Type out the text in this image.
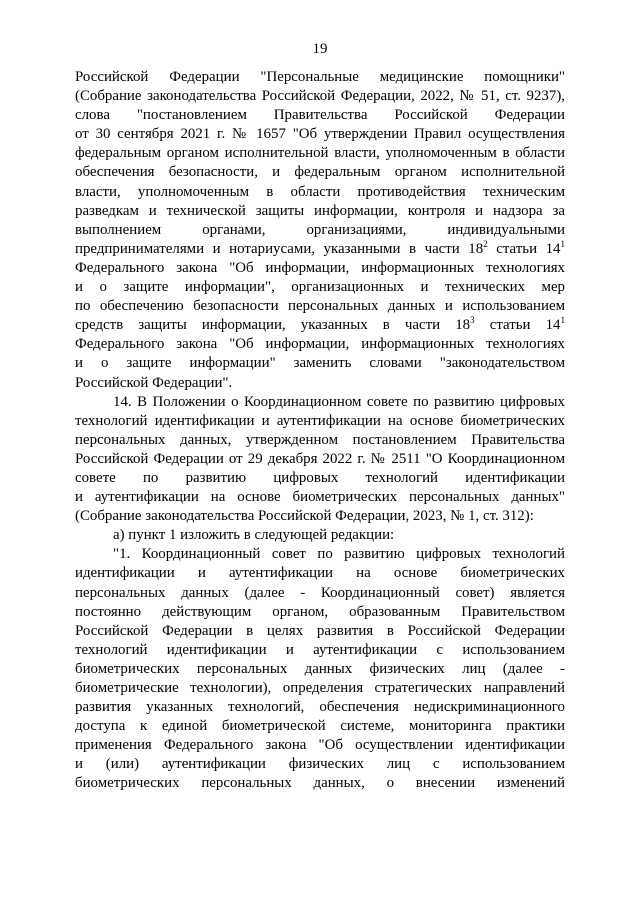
19
Российской Федерации "Персональные медицинские помощники"
(Собрание законодательства Российской Федерации, 2022, № 51, ст. 9237),
слова "постановлением Правительства Российской Федерации
от 30 сентября 2021 г. № 1657 "Об утверждении Правил осуществления
федеральным органом исполнительной власти, уполномоченным в области
обеспечения безопасности, и федеральным органом исполнительной
власти, уполномоченным в области противодействия техническим
разведкам и технической защиты информации, контроля и надзора за
выполнением органами, организациями, индивидуальными
предпринимателями и нотариусами, указанными в части $18^2$ статьи $14^1$
Федерального закона "Об информации, информационных технологиях
и о защите информации", организационных и технических мер
по обеспечению безопасности персональных данных и использованием
средств защиты информации, указанных в части $18^3$ статьи $14^1$
Федерального закона "Об информации, информационных технологиях
и о защите информации" заменить словами "законодательством
Российской Федерации".
14. В Положении о Координационном совете по развитию цифровых
технологий идентификации и аутентификации на основе биометрических
персональных данных, утвержденном постановлением Правительства
Российской Федерации от 29 декабря 2022 г. № 2511 "О Координационном
совете по развитию цифровых технологий идентификации
и аутентификации на основе биометрических персональных данных"
(Собрание законодательства Российской Федерации, 2023, № 1, ст. 312):
а) пункт 1 изложить в следующей редакции:
"1. Координационный совет по развитию цифровых технологий
идентификации и аутентификации на основе биометрических
персональных данных (далее - Координационный совет) является
постоянно действующим органом, образованным Правительством
Российской Федерации в целях развития в Российской Федерации
технологий идентификации и аутентификации с использованием
биометрических персональных данных физических лиц (далее -
биометрические технологии), определения стратегических направлений
развития указанных технологий, обеспечения недискриминационного
доступа к единой биометрической системе, мониторинга практики
применения Федерального закона "Об осуществлении идентификации
и (или) аутентификации физических лиц с использованием
биометрических персональных данных, о внесении изменений
